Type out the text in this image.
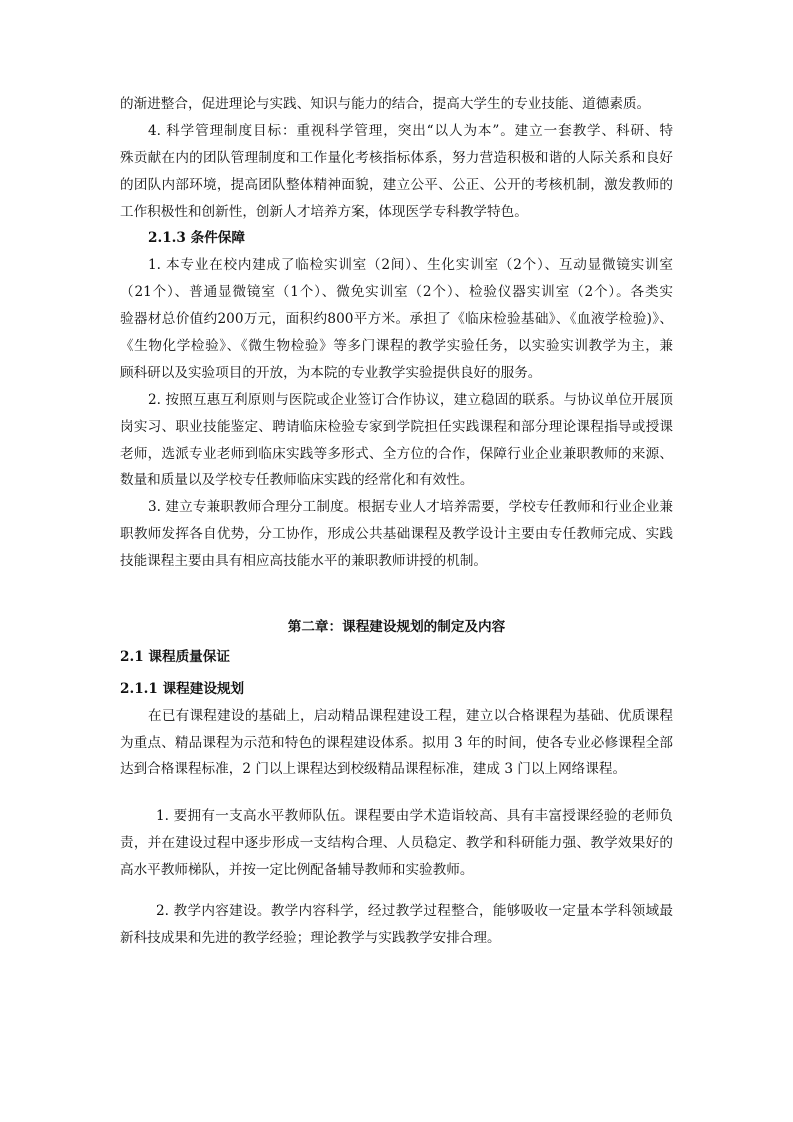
的渐进整合，促进理论与实践、知识与能力的结合，提高大学生的专业技能、道德素质。
4. 科学管理制度目标：重视科学管理，突出“以人为本”。建立一套教学、科研、特
殊贡献在内的团队管理制度和工作量化考核指标体系，努力营造积极和谐的人际关系和良好
的团队内部环境，提高团队整体精神面貌，建立公平、公正、公开的考核机制，激发教师的
工作积极性和创新性，创新人才培养方案，体现医学专科教学特色。
2.1.3 条件保障
1. 本专业在校内建成了临检实训室（2间）、生化实训室（2个）、互动显微镜实训室
（21个）、普通显微镜室（1个）、微免实训室（2个）、检验仪器实训室（2个）。各类实
验器材总价值约200万元，面积约800平方米。承担了《临床检验基础》、《血液学检验)》、
《生物化学检验》、《微生物检验》等多门课程的教学实验任务，以实验实训教学为主，兼
顾科研以及实验项目的开放，为本院的专业教学实验提供良好的服务。
2. 按照互惠互利原则与医院或企业签订合作协议，建立稳固的联系。与协议单位开展顶
岗实习、职业技能鉴定、聘请临床检验专家到学院担任实践课程和部分理论课程指导或授课
老师，选派专业老师到临床实践等多形式、全方位的合作，保障行业企业兼职教师的来源、
数量和质量以及学校专任教师临床实践的经常化和有效性。
3. 建立专兼职教师合理分工制度。根据专业人才培养需要，学校专任教师和行业企业兼
职教师发挥各自优势，分工协作，形成公共基础课程及教学设计主要由专任教师完成、实践
技能课程主要由具有相应高技能水平的兼职教师讲授的机制。
第二章：课程建设规划的制定及内容
2.1 课程质量保证
2.1.1 课程建设规划
在已有课程建设的基础上，启动精品课程建设工程，建立以合格课程为基础、优质课程
为重点、精品课程为示范和特色的课程建设体系。拟用 3 年的时间，使各专业必修课程全部
达到合格课程标准，2 门以上课程达到校级精品课程标准，建成 3 门以上网络课程。
1. 要拥有一支高水平教师队伍。课程要由学术造诣较高、具有丰富授课经验的老师负
责，并在建设过程中逐步形成一支结构合理、人员稳定、教学和科研能力强、教学效果好的
高水平教师梯队，并按一定比例配备辅导教师和实验教师。
2. 教学内容建设。教学内容科学，经过教学过程整合，能够吸收一定量本学科领域最
新科技成果和先进的教学经验；理论教学与实践教学安排合理。
